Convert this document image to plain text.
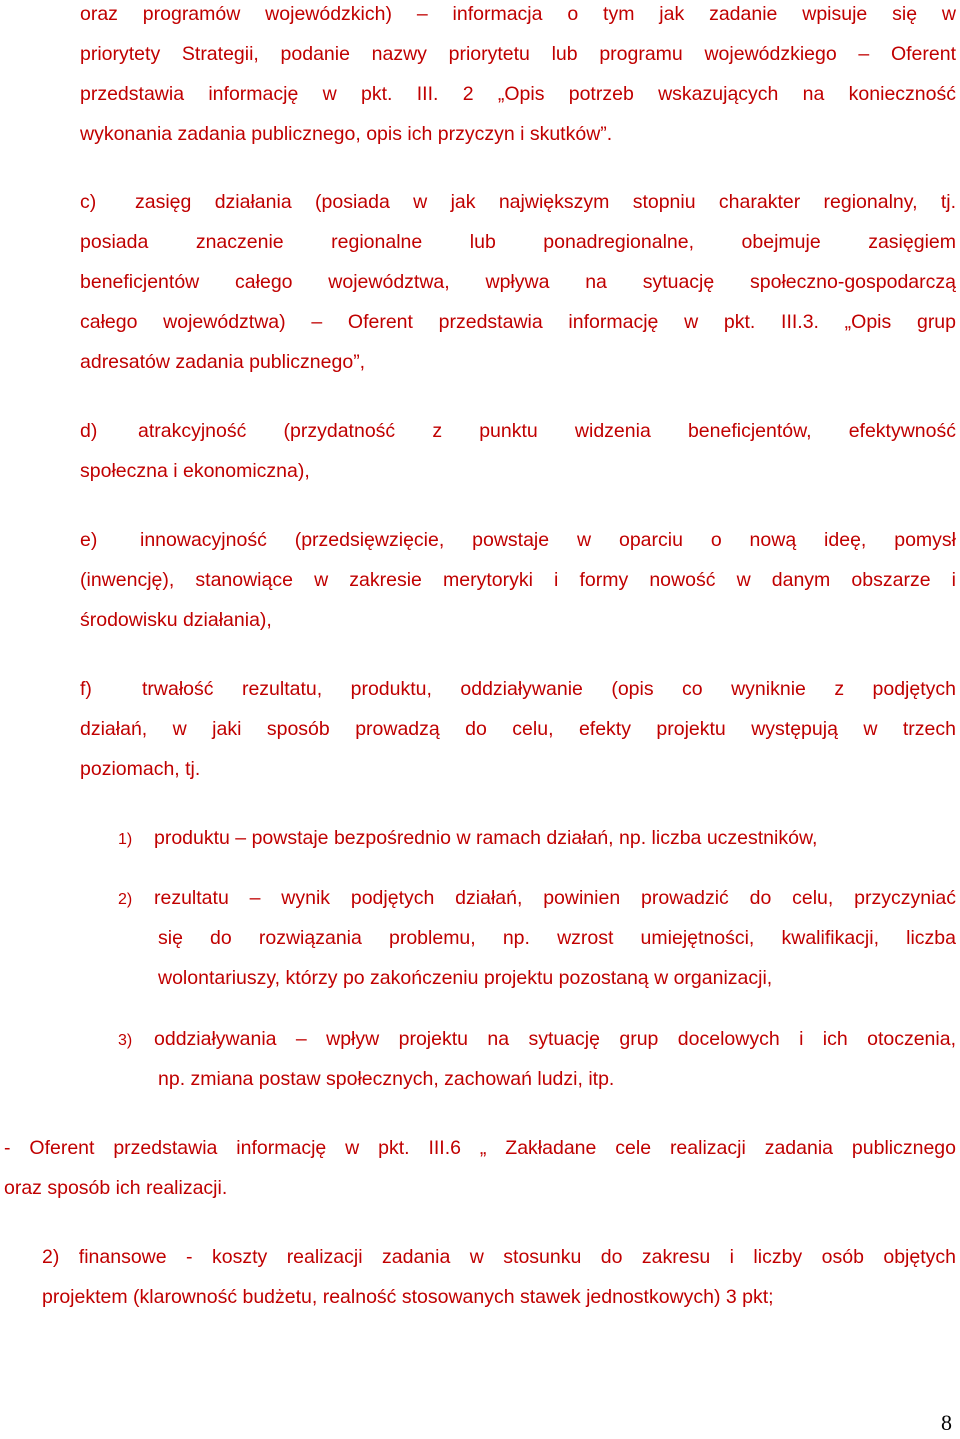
oraz programów wojewódzkich) – informacja o tym jak zadanie wpisuje się w
priorytety Strategii, podanie nazwy priorytetu lub programu wojewódzkiego – Oferent
przedstawia informację w pkt. III. 2 „Opis potrzeb wskazujących na konieczność
wykonania zadania publicznego, opis ich przyczyn i skutków”.
c) zasięg działania (posiada w jak największym stopniu charakter regionalny, tj.
posiada znaczenie regionalne lub ponadregionalne, obejmuje zasięgiem
beneficjentów całego województwa, wpływa na sytuację społeczno-gospodarczą
całego województwa) – Oferent przedstawia informację w pkt. III.3. „Opis grup
adresatów zadania publicznego”,
d) atrakcyjność (przydatność z punktu widzenia beneficjentów, efektywność
społeczna i ekonomiczna),
e) innowacyjność (przedsięwzięcie, powstaje w oparciu o nową ideę, pomysł
(inwencję), stanowiące w zakresie merytoryki i formy nowość w danym obszarze i
środowisku działania),
f)	trwałość rezultatu, produktu, oddziaływanie (opis co wyniknie z podjętych
działań, w jaki sposób prowadzą do celu, efekty projektu występują w trzech
poziomach, tj.
1) produktu – powstaje bezpośrednio w ramach działań, np. liczba uczestników,
2) rezultatu – wynik podjętych działań, powinien prowadzić do celu, przyczyniać
się do rozwiązania problemu, np. wzrost umiejętności, kwalifikacji, liczba
wolontariuszy, którzy po zakończeniu projektu pozostaną w organizacji,
3) oddziaływania – wpływ projektu na sytuację grup docelowych i ich otoczenia,
np. zmiana postaw społecznych, zachowań ludzi, itp.
- Oferent przedstawia informację w pkt. III.6 „ Zakładane cele realizacji zadania publicznego
oraz sposób ich realizacji.
2) finansowe - koszty realizacji zadania w stosunku do zakresu i liczby osób objętych
projektem (klarowność budżetu, realność stosowanych stawek jednostkowych) 3 pkt;
8
